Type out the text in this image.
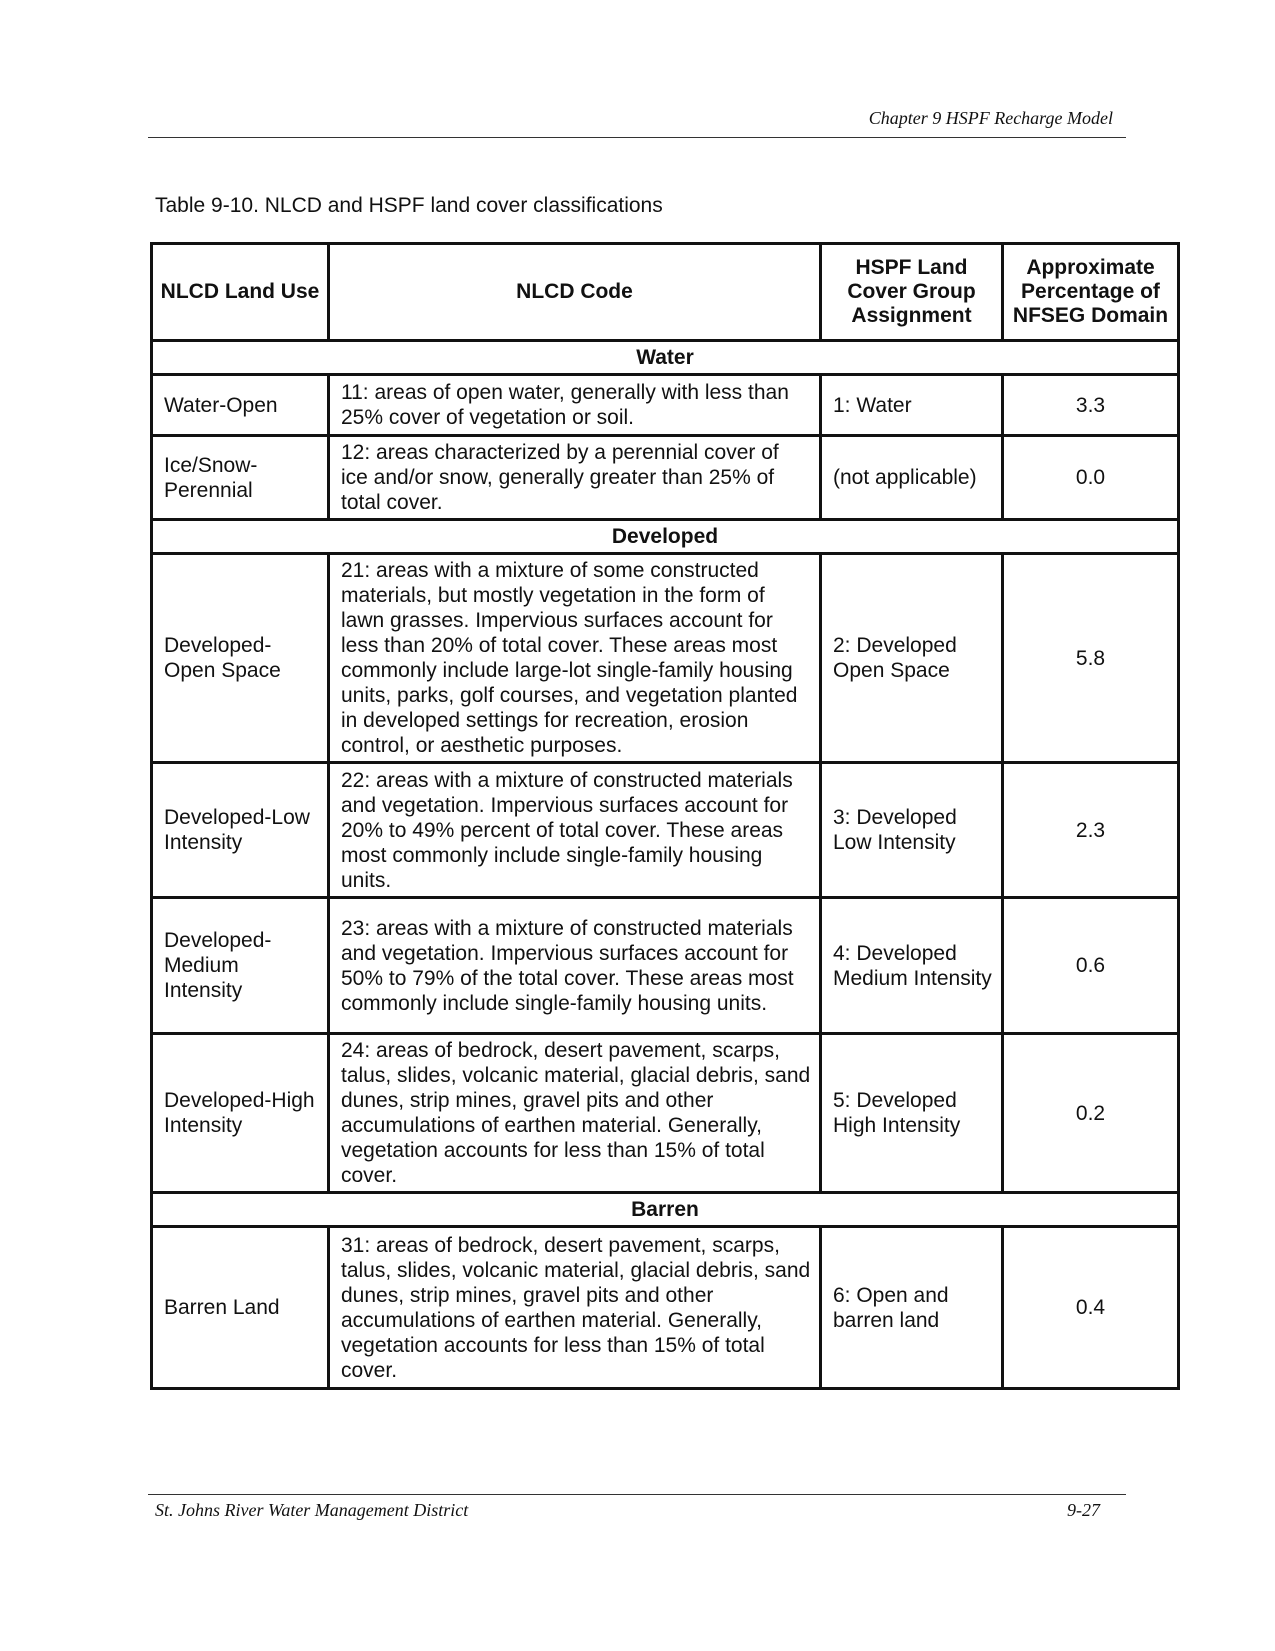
Chapter 9 HSPF Recharge Model
Table 9-10. NLCD and HSPF land cover classifications
NLCD Land Use	NLCD Code	HSPF Land Cover Group Assignment	Approximate Percentage of NFSEG Domain
Water			
Water-Open	11: areas of open water, generally with less than 25% cover of vegetation or soil.	1: Water	3.3
Ice/Snow-Perennial	12: areas characterized by a perennial cover of ice and/or snow, generally greater than 25% of total cover.	(not applicable)	0.0
Developed			
Developed-Open Space	21: areas with a mixture of some constructed materials, but mostly vegetation in the form of lawn grasses. Impervious surfaces account for less than 20% of total cover. These areas most commonly include large-lot single-family housing units, parks, golf courses, and vegetation planted in developed settings for recreation, erosion control, or aesthetic purposes.	2: Developed Open Space	5.8
Developed-Low Intensity	22: areas with a mixture of constructed materials and vegetation. Impervious surfaces account for 20% to 49% percent of total cover. These areas most commonly include single-family housing units.	3: Developed Low Intensity	2.3
Developed-Medium Intensity	23: areas with a mixture of constructed materials and vegetation. Impervious surfaces account for 50% to 79% of the total cover. These areas most commonly include single-family housing units.	4: Developed Medium Intensity	0.6
Developed-High Intensity	24: areas of bedrock, desert pavement, scarps, talus, slides, volcanic material, glacial debris, sand dunes, strip mines, gravel pits and other accumulations of earthen material. Generally, vegetation accounts for less than 15% of total cover.	5: Developed High Intensity	0.2
Barren			
Barren Land	31: areas of bedrock, desert pavement, scarps, talus, slides, volcanic material, glacial debris, sand dunes, strip mines, gravel pits and other accumulations of earthen material. Generally, vegetation accounts for less than 15% of total cover.	6: Open and barren land	0.4
St. Johns River Water Management District	9-27
